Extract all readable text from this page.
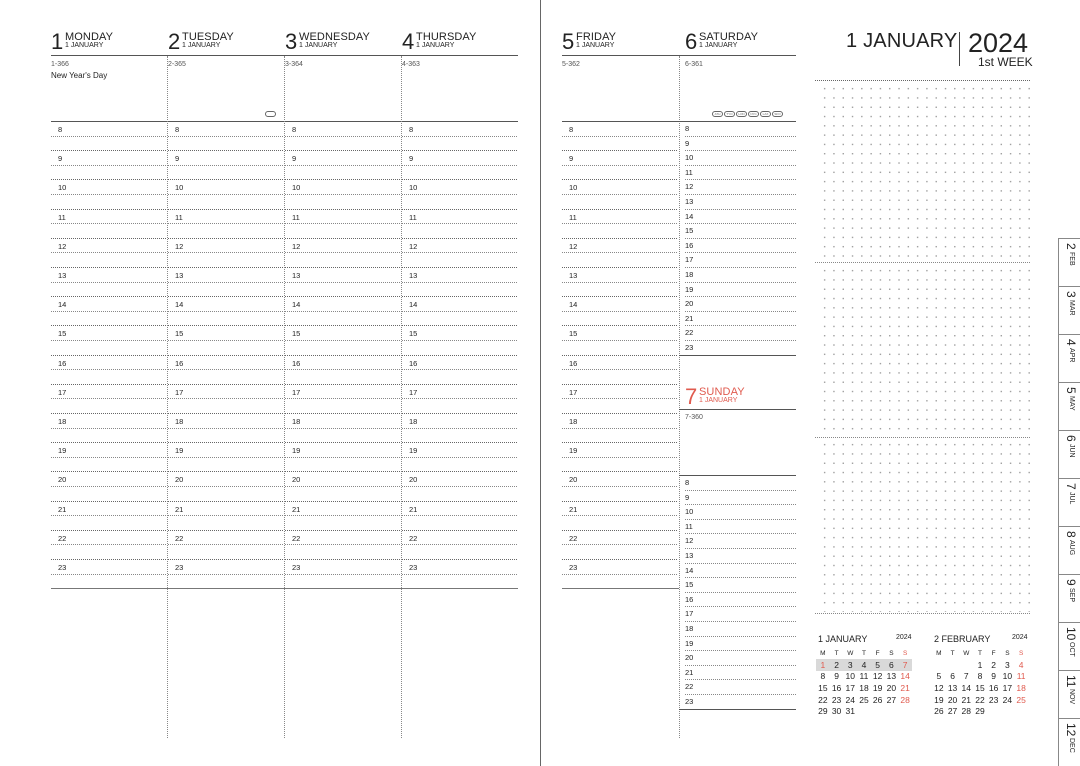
1 MONDAY
1 JANUARY
1-366
New Year's Day
8
9
10
11
12
13
14
15
16
17
18
19
20
21
22
23
2 TUESDAY
1 JANUARY
2-365
8
9
10
11
12
13
14
15
16
17
18
19
20
21
22
23
3 WEDNESDAY
1 JANUARY
3-364
8
9
10
11
12
13
14
15
16
17
18
19
20
21
22
23
4 THURSDAY
1 JANUARY
4-363
8
9
10
11
12
13
14
15
16
17
18
19
20
21
22
23
5 FRIDAY
1 JANUARY
5-362
8
9
10
11
12
13
14
15
16
17
18
19
20
21
22
23
6 SATURDAY
1 JANUARY
6-361
ATH	TYO	LON	NYC	LAX	SFO
8
9
10
11
12
13
14
15
16
17
18
19
20
21
22
23
7 SUNDAY
1 JANUARY
7-360
8
9
10
11
12
13
14
15
16
17
18
19
20
21
22
23
1 JANUARY	2024
M	T	W	T	F	S	S
1	2	3	4	5	6	7
8	9	10	11	12	13	14
15	16	17	18	19	20	21
22	23	24	25	26	27	28
29	30	31				
2 FEBRUARY	2024
M	T	W	T	F	S	S
			1	2	3	4
5	6	7	8	9	10	11
12	13	14	15	16	17	18
19	20	21	22	23	24	25
26	27	28	29			
1 JANUARY 2024
1st WEEK
2FEB
3MAR
4APR
5MAY
6JUN
7JUL
8AUG
9SEP
10OCT
11NOV
12DEC
